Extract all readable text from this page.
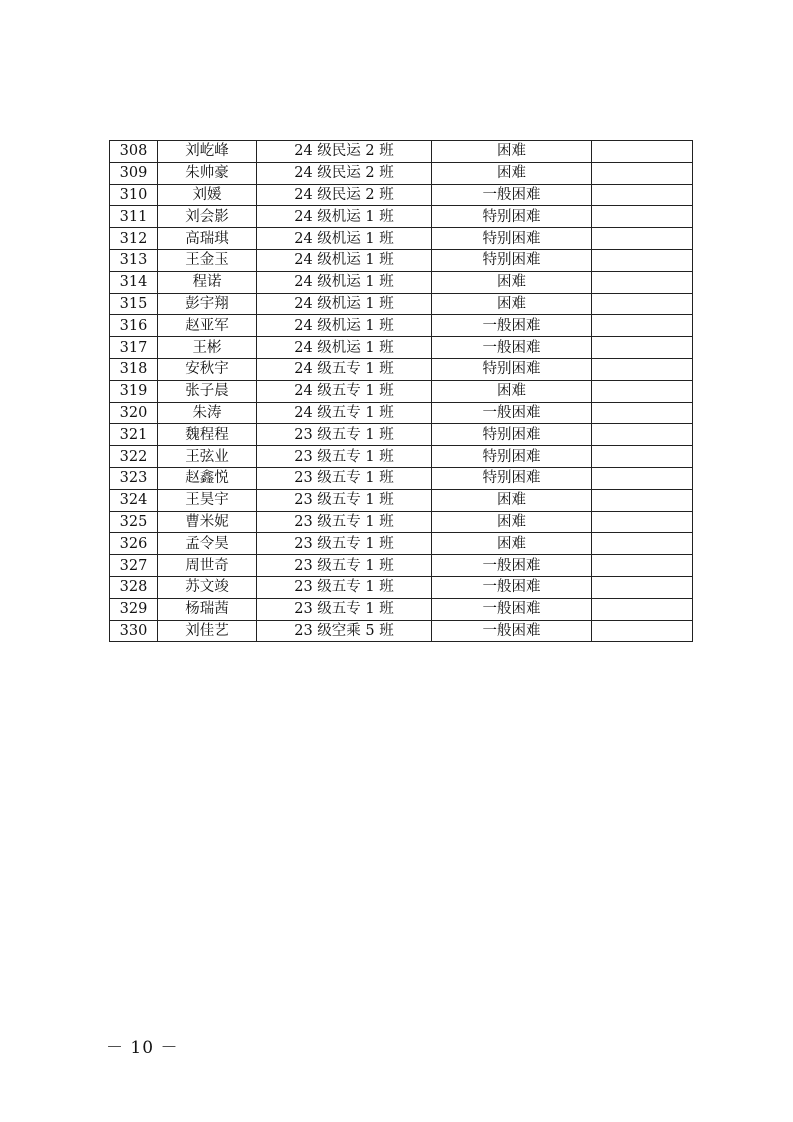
308	刘屹峰	24 级民运 2 班	困难	
309	朱帅豪	24 级民运 2 班	困难	
310	刘媛	24 级民运 2 班	一般困难	
311	刘会影	24 级机运 1 班	特别困难	
312	高瑞琪	24 级机运 1 班	特别困难	
313	王金玉	24 级机运 1 班	特别困难	
314	程诺	24 级机运 1 班	困难	
315	彭宇翔	24 级机运 1 班	困难	
316	赵亚军	24 级机运 1 班	一般困难	
317	王彬	24 级机运 1 班	一般困难	
318	安秋宇	24 级五专 1 班	特别困难	
319	张子晨	24 级五专 1 班	困难	
320	朱涛	24 级五专 1 班	一般困难	
321	魏程程	23 级五专 1 班	特别困难	
322	王弦业	23 级五专 1 班	特别困难	
323	赵鑫悦	23 级五专 1 班	特别困难	
324	王昊宇	23 级五专 1 班	困难	
325	曹米妮	23 级五专 1 班	困难	
326	孟令昊	23 级五专 1 班	困难	
327	周世奇	23 级五专 1 班	一般困难	
328	苏文竣	23 级五专 1 班	一般困难	
329	杨瑞茜	23 级五专 1 班	一般困难	
330	刘佳艺	23 级空乘 5 班	一般困难	
－ 10 －
